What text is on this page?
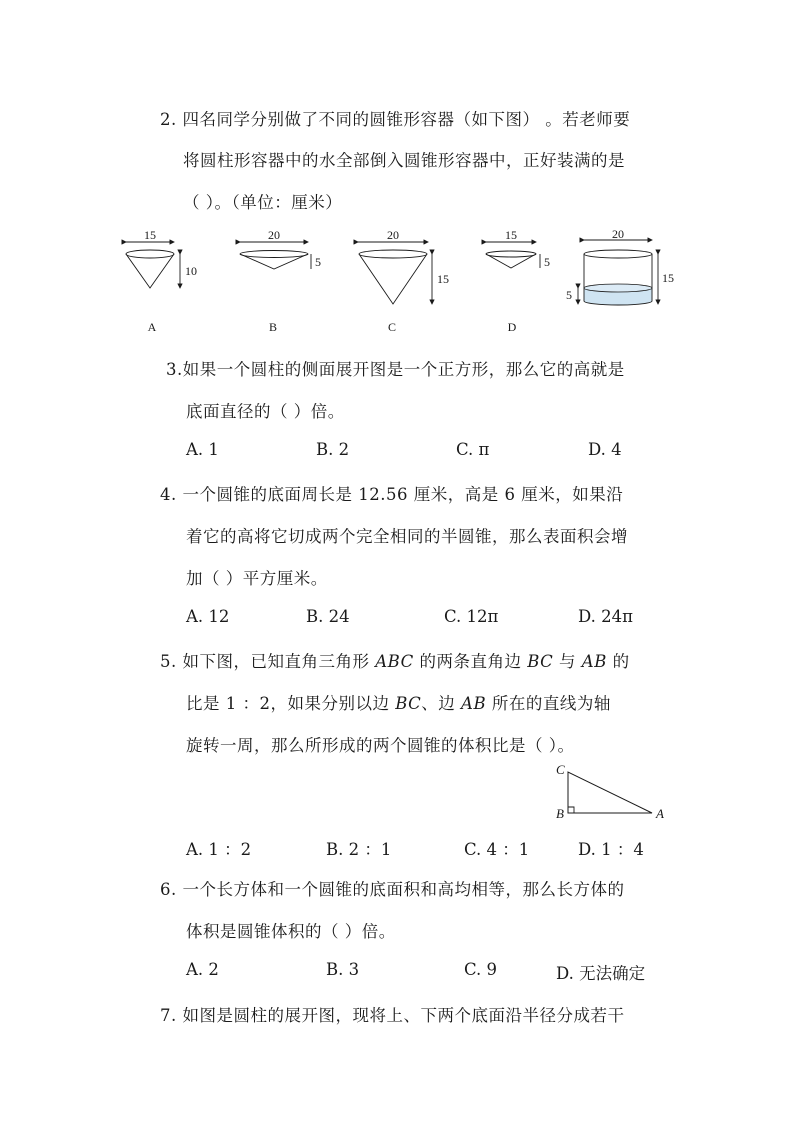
2. 四名同学分别做了不同的圆锥形容器（如下图） 。若老师要
将圆柱形容器中的水全部倒入圆锥形容器中，正好装满的是
（ ）。（单位：厘米）
15
10
A
20
5
B
20
15
C
15
5
D
20
15
5
3.如果一个圆柱的侧面展开图是一个正方形，那么它的高就是
底面直径的（ ）倍。
A. 1	B. 2	C. π	D. 4
4. 一个圆锥的底面周长是 12.56 厘米，高是 6 厘米，如果沿
着它的高将它切成两个完全相同的半圆锥，那么表面积会增
加（ ）平方厘米。
A. 12	B. 24	C. 12π	D. 24π
5. 如下图，已知直角三角形 ABC 的两条直角边 BC 与 AB 的
比是 1 ：2，如果分别以边 BC、边 AB 所在的直线为轴
旋转一周，那么所形成的两个圆锥的体积比是（ ）。
C
B	A
A. 1 ：2	B. 2 ：1	C. 4 ：1	D. 1 ：4
6. 一个长方体和一个圆锥的底面积和高均相等，那么长方体的
体积是圆锥体积的（ ）倍。
A. 2	B. 3	C. 9	D. 无法确定
7. 如图是圆柱的展开图，现将上、下两个底面沿半径分成若干
